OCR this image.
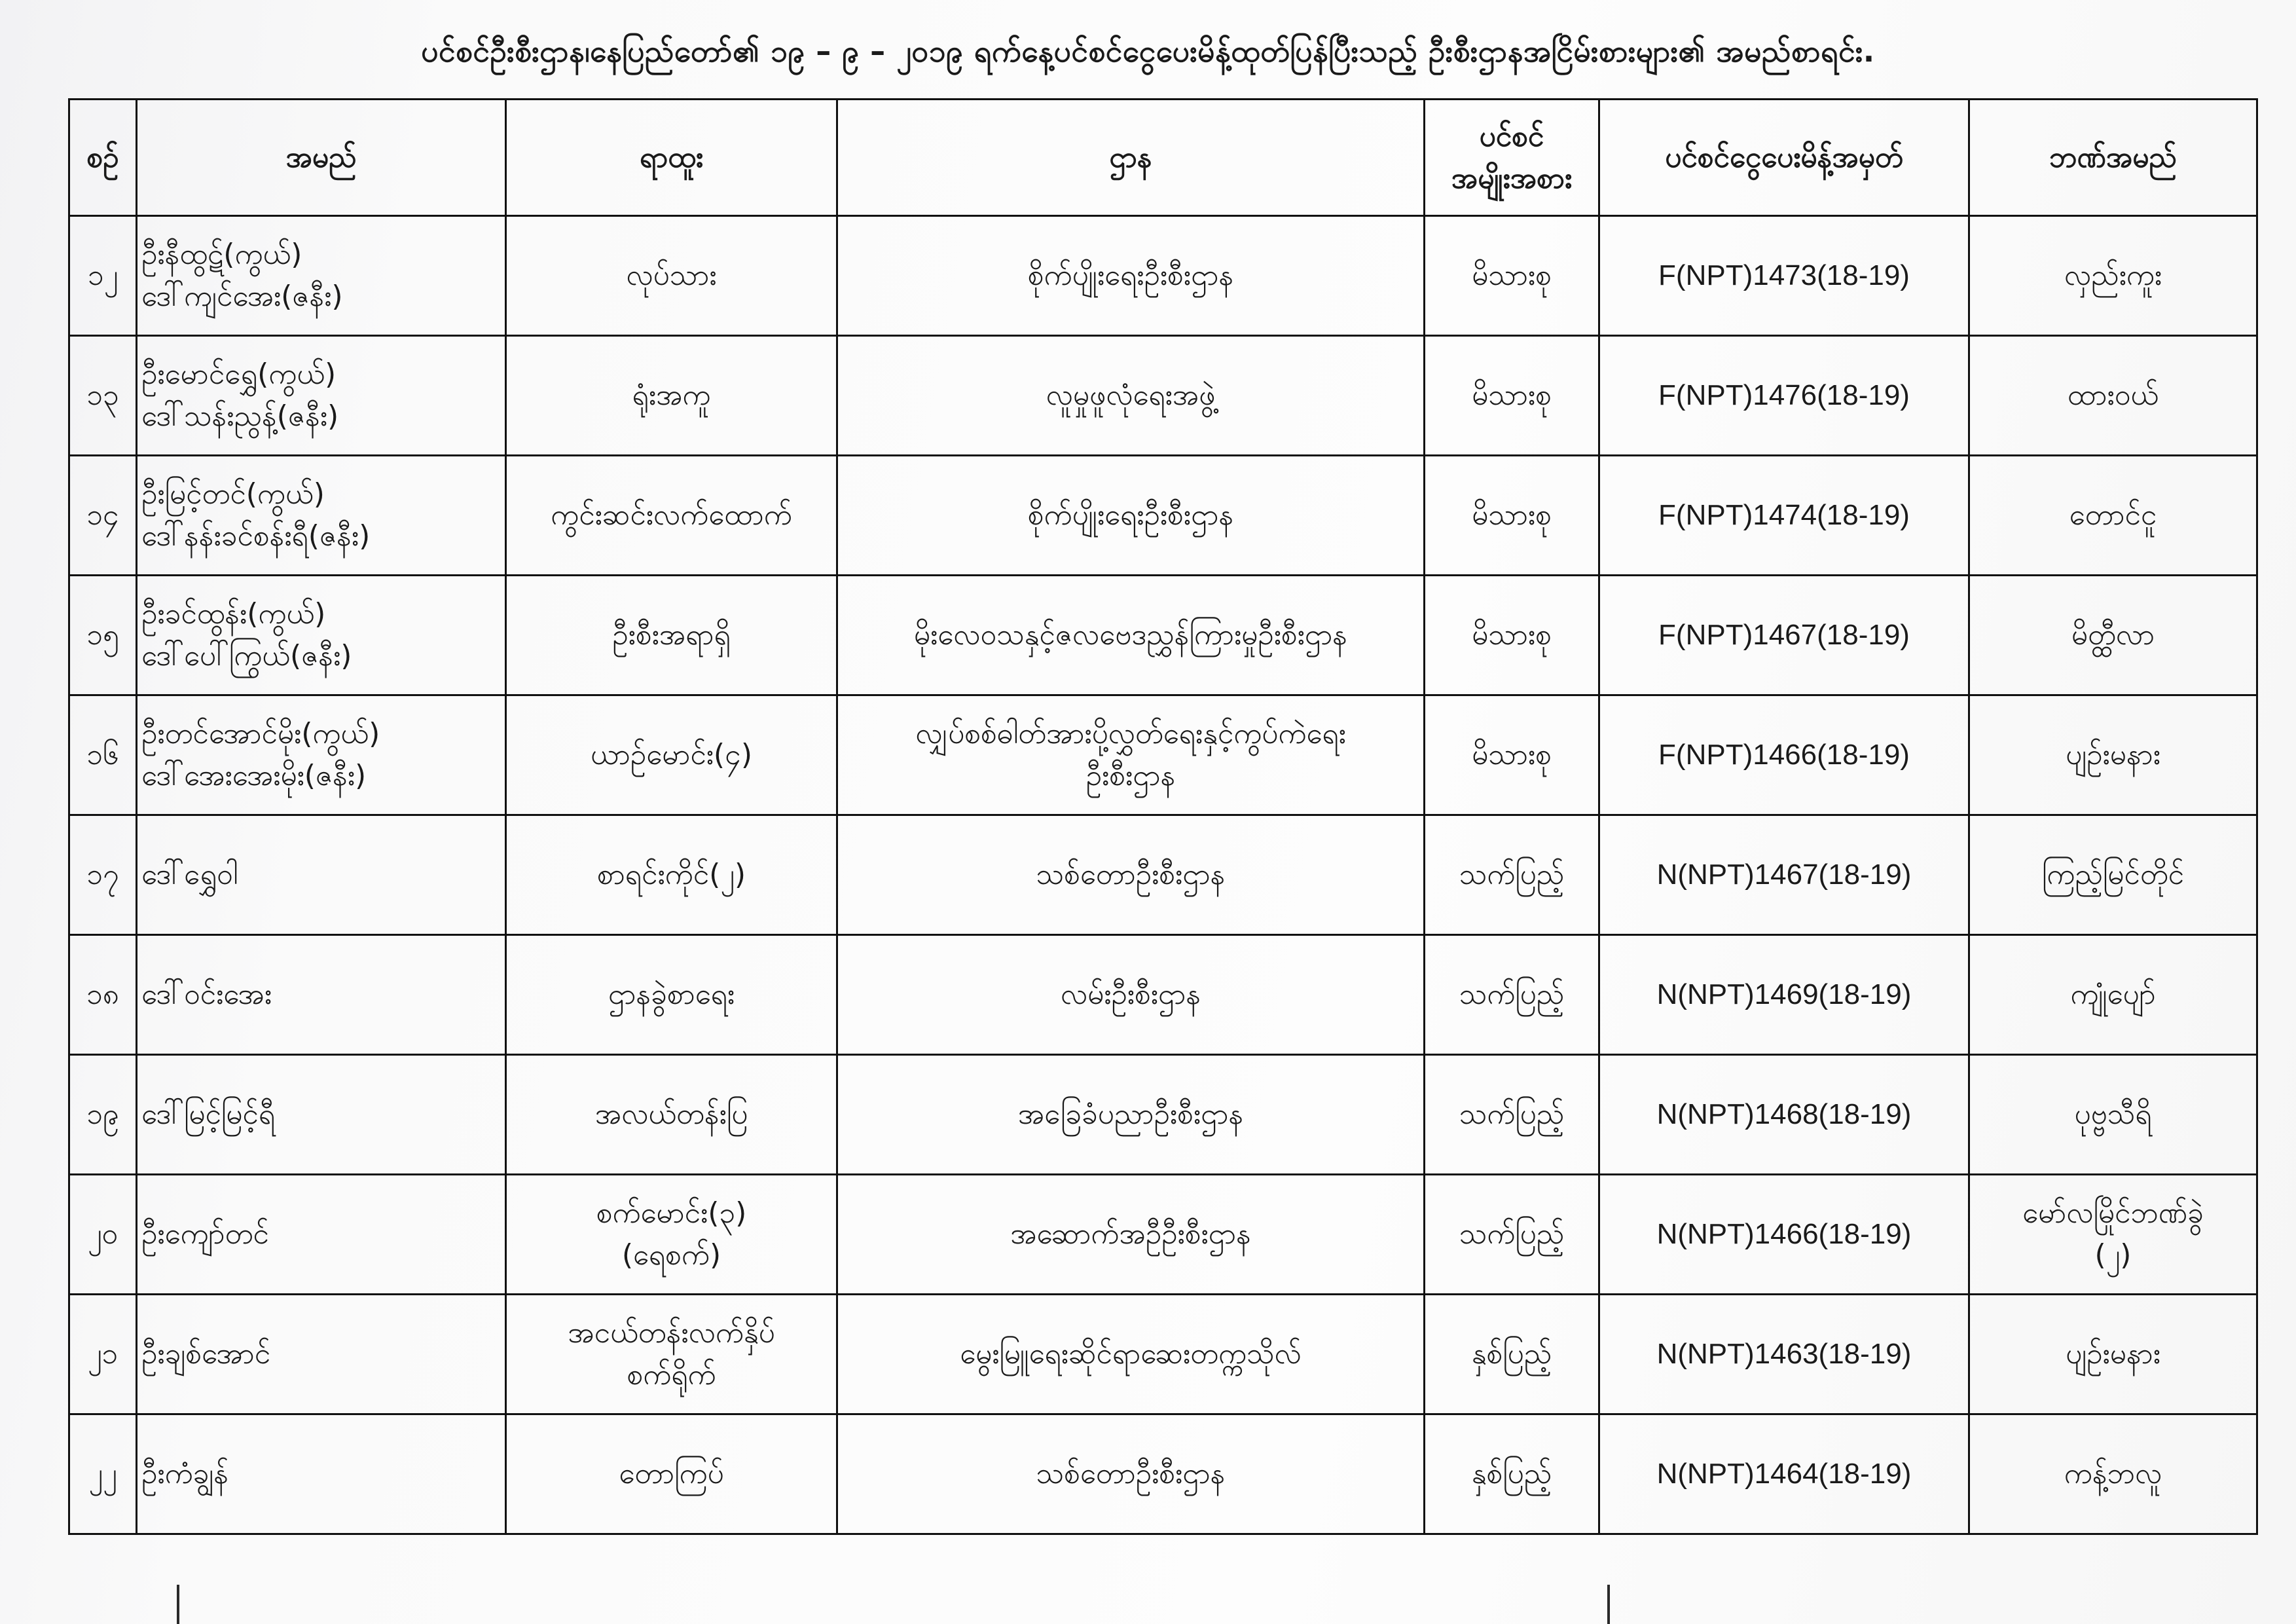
ပင်စင်ဦးစီးဌာန၊နေပြည်တော်၏ ၁၉ – ၉ – ၂၀၁၉ ရက်နေ့ပင်စင်ငွေပေးမိန့်ထုတ်ပြန်ပြီးသည့် ဦးစီးဌာနအငြိမ်းစားများ၏ အမည်စာရင်း.
စဉ်	အမည်	ရာထူး	ဌာန	ပင်စင်
အမျိုးအစား	ပင်စင်ငွေပေးမိန့်အမှတ်	ဘဏ်အမည်
၁၂	ဦးနီထွဋ်(ကွယ်)
ဒေါ်ကျင်အေး(ဇနီး)	လုပ်သား	စိုက်ပျိုးရေးဦးစီးဌာန	မိသားစု	F(NPT)1473(18-19)	လှည်းကူး

၁၃	ဦးမောင်ရွှေ(ကွယ်)
ဒေါ်သန်းညွန့်(ဇနီး)	ရုံးအကူ	လူမှုဖူလုံရေးအဖွဲ့	မိသားစု	F(NPT)1476(18-19)	ထားဝယ်

၁၄	ဦးမြင့်တင်(ကွယ်)
ဒေါ်နန်းခင်စန်းရီ(ဇနီး)	ကွင်းဆင်းလက်ထောက်	စိုက်ပျိုးရေးဦးစီးဌာန	မိသားစု	F(NPT)1474(18-19)	တောင်ငူ

၁၅	ဦးခင်ထွန်း(ကွယ်)
ဒေါ်ပေါ်ကြွယ်(ဇနီး)	ဦးစီးအရာရှိ	မိုးလေဝသနှင့်ဇလဗေဒညွှန်ကြားမှုဦးစီးဌာန	မိသားစု	F(NPT)1467(18-19)	မိတ္ထီလာ

၁၆	ဦးတင်အောင်မိုး(ကွယ်)
ဒေါ်အေးအေးမိုး(ဇနီး)	ယာဉ်မောင်း(၄)	လျှပ်စစ်ဓါတ်အားပို့လွှတ်ရေးနှင့်ကွပ်ကဲရေး
ဦးစီးဌာန	မိသားစု	F(NPT)1466(18-19)	ပျဉ်းမနား

၁၇	ဒေါ်ရွှေဝါ	စာရင်းကိုင်(၂)	သစ်တောဦးစီးဌာန	သက်ပြည့်	N(NPT)1467(18-19)	ကြည့်မြင်တိုင်

၁၈	ဒေါ်ဝင်းအေး	ဌာနခွဲစာရေး	လမ်းဦးစီးဌာန	သက်ပြည့်	N(NPT)1469(18-19)	ကျုံပျော်

၁၉	ဒေါ်မြင့်မြင့်ရီ	အလယ်တန်းပြ	အခြေခံပညာဦးစီးဌာန	သက်ပြည့်	N(NPT)1468(18-19)	ပုဗ္ဗသီရိ

၂၀	ဦးကျော်တင်	စက်မောင်း(၃)
(ရေစက်)	အဆောက်အဦဦးစီးဌာန	သက်ပြည့်	N(NPT)1466(18-19)	မော်လမြိုင်ဘဏ်ခွဲ
(၂)

၂၁	ဦးချစ်အောင်	အငယ်တန်းလက်နှိပ်
စက်ရိုက်	မွေးမြူရေးဆိုင်ရာဆေးတက္ကသိုလ်	နှစ်ပြည့်	N(NPT)1463(18-19)	ပျဉ်းမနား

၂၂	ဦးကံချွန်	တောကြပ်	သစ်တောဦးစီးဌာန	နှစ်ပြည့်	N(NPT)1464(18-19)	ကန့်ဘလူ
